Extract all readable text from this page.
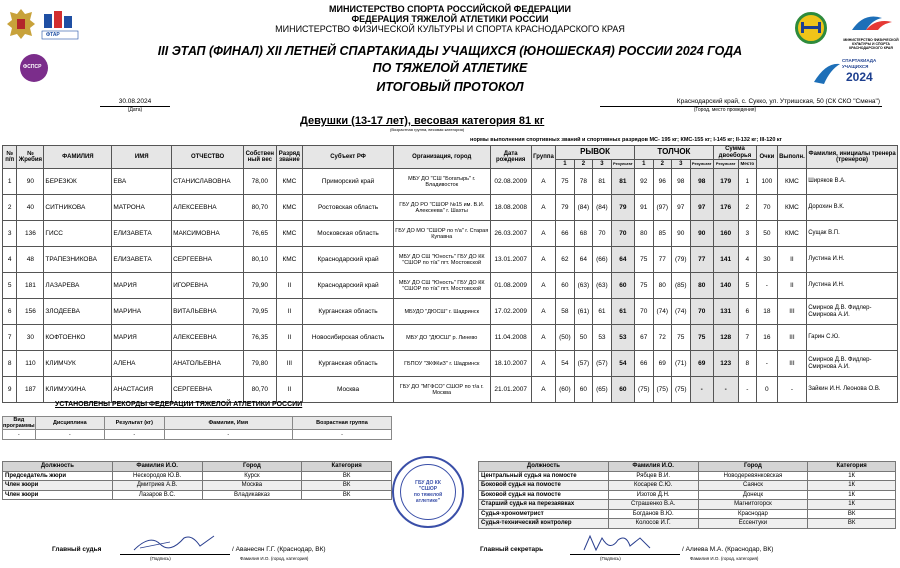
ФТАР
ФСПСР
МИНИСТЕРСТВО ФИЗИЧЕСКОЙ КУЛЬТУРЫ И СПОРТА КРАСНОДАРСКОГО КРАЯ
СПАРТАКИАДА
УЧАЩИХСЯ
2024
МИНИСТЕРСТВО СПОРТА РОССИЙСКОЙ ФЕДЕРАЦИИ
ФЕДЕРАЦИЯ ТЯЖЕЛОЙ АТЛЕТИКИ РОССИИ
МИНИСТЕРСТВО ФИЗИЧЕСКОЙ КУЛЬТУРЫ И СПОРТА КРАСНОДАРСКОГО КРАЯ
III ЭТАП (ФИНАЛ) XII ЛЕТНЕЙ СПАРТАКИАДЫ УЧАЩИХСЯ (ЮНОШЕСКАЯ) РОССИИ 2024 ГОДА
ПО ТЯЖЕЛОЙ АТЛЕТИКЕ
ИТОГОВЫЙ ПРОТОКОЛ
30.08.2024
(Дата)
Краснодарский край, с. Сукко, ул. Утришская, 50 (СК СКО "Смена")
(Город, место проведения)
Девушки (13-17 лет), весовая категория 81 кг
(Возрастная группа, весовая категория)
нормы выполнения спортивных званий и спортивных разрядов МС- 195 кг; КМС-155 кг; I-145 кг; II-132 кг; III-120 кг
№ п/п	№ Жребия	ФАМИЛИЯ	ИМЯ	ОТЧЕСТВО	Собствен ный вес	Разряд звание	Субъект РФ	Организация, город	Дата рождения	Группа	РЫВОК				ТОЛЧОК				Сумма двоеборья		Очки	Выполн.	Фамилия, инициалы тренера (тренеров)
											1	2	3	Результат	1	2	3	Результат	Результат	Место			
1	90	БЕРЕЗЮК	ЕВА	СТАНИСЛАВОВНА	78,00	КМС	Приморский край	МБУ ДО "СШ "Богатырь" г. Владивосток	02.08.2009	А	75	78	81	81	92	96	98	98	179	1	100	КМС	Ширяков В.А.
2	40	СИТНИКОВА	МАТРОНА	АЛЕКСЕЕВНА	80,70	КМС	Ростовская область	ГБУ ДО РО "СШОР №15 им. В.И. Алексеева" г. Шахты	18.08.2008	А	79	(84)	(84)	79	91	(97)	97	97	176	2	70	КМС	Дорохин В.К.
3	136	ГИСС	ЕЛИЗАВЕТА	МАКСИМОВНА	76,65	КМС	Московская область	ГБУ ДО МО "СШОР по т/а" г. Старая Купавна	26.03.2007	А	66	68	70	70	80	85	90	90	160	3	50	КМС	Сущак В.П.
4	48	ТРАПЕЗНИКОВА	ЕЛИЗАВЕТА	СЕРГЕЕВНА	80,10	КМС	Краснодарский край	МБУ ДО СШ "Юность" ГБУ ДО КК "СШОР по т/а" пгт. Мостовской	13.01.2007	А	62	64	(66)	64	75	77	(79)	77	141	4	30	II	Лустина И.Н.
5	181	ЛАЗАРЕВА	МАРИЯ	ИГОРЕВНА	79,90	II	Краснодарский край	МБУ ДО СШ "Юность" ГБУ ДО КК "СШОР по т/а" пгт. Мостовской	01.08.2009	А	60	(63)	(63)	60	75	80	(85)	80	140	5	-	II	Лустина И.Н.
6	156	ЗЛОДЕЕВА	МАРИНА	ВИТАЛЬЕВНА	79,95	II	Курганская область	МБУДО "ДЮСШ" г. Шадринск	17.02.2009	А	58	(61)	61	61	70	(74)	(74)	70	131	6	18	III	Смирнов Д.В. Фидлер-Смирнова А.И.
7	30	КОФТОЕНКО	МАРИЯ	АЛЕКСЕЕВНА	76,35	II	Новосибирская область	МБУ ДО "ДЮСШ" р. Линево	11.04.2008	А	(50)	50	53	53	67	72	75	75	128	7	16	III	Гарин С.Ю.
8	110	КЛИМЧУК	АЛЕНА	АНАТОЛЬЕВНА	79,80	III	Курганская область	ГБПОУ "ЗКФКиЗ" г. Шадринск	18.10.2007	А	54	(57)	(57)	54	66	69	(71)	69	123	8	-	III	Смирнов Д.В. Фидлер-Смирнова А.И.
9	187	КЛИМУХИНА	АНАСТАСИЯ	СЕРГЕЕВНА	80,70	II	Москва	ГБУ ДО "МГФСО" СШОР по т/а г. Москва	21.01.2007	А	(60)	60	(65)	60	(75)	(75)	(75)	-	-	-	0	-	Зайкин И.Н. Леонова О.В.
УСТАНОВЛЕНЫ РЕКОРДЫ ФЕДЕРАЦИИ ТЯЖЕЛОЙ АТЛЕТИКИ РОССИИ
Вид программы	Дисциплина	Результат (кг)	Фамилия, Имя	Возрастная группа
-	-	-	-	-
Должность	Фамилия И.О.	Город	Категория
Председатель жюри	Нескородов Ю.В.	Курск	ВК
Член жюри	Дмитриев А.В.	Москва	ВК
Член жюри	Лазаров В.С.	Владикавказ	ВК
ГБУ ДО КК
"СШОР
по тяжелой
атлетике"
Должность	Фамилия И.О.	Город	Категория
Центральный судья на помосте	Рябцев В.И.	Новодеревянковская	1К
Боковой судья на помосте	Косарев С.Ю.	Саянск	1К
Боковой судья на помосте	Изотов Д.Н.	Донецк	1К
Старший судья на перезаявках	Страшенко В.А.	Магнитогорск	1К
Судья-хронометрист	Богданов В.Ю.	Краснодар	ВК
Судья-технический контролер	Колосов И.Г.	Ессентуки	ВК
Главный судья	/ Аванесян Г.Г. (Краснодар, ВК)
(Подпись)	Фамилия И.О. (город, категория)
Главный секретарь	/ Алиева М.А. (Краснодар, ВК)
(Подпись)	Фамилия И.О. (город, категория)
